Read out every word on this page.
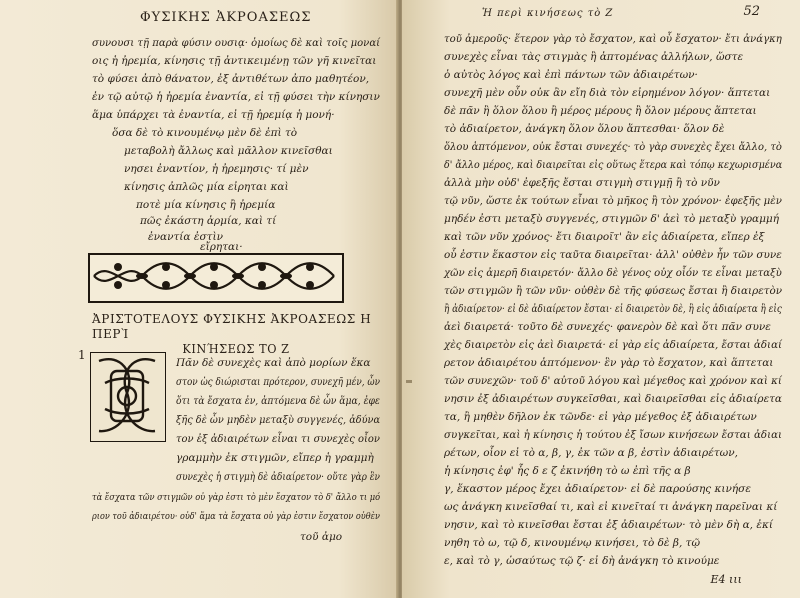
ΦΥΣΙΚΗΣ ἈΚΡΟΑΣΕΩΣ
συνουσι τῇ παρὰ φύσιν ουσιᾳ· ὁμοίως δὲ καὶ τοῖς μοναί
οις ἡ ἠρεμία, κίνησις τῇ ἀντικειμένῃ τῶν γῆ κινεῖται
τὸ φύσει ἀπὸ θάνατον, ἐξ ἀντιθέτων ἀπο μαθητέον,
ἐν τῷ αὐτῷ ἡ ἠρεμία ἐναντία, εἰ τῇ φύσει τὴν κίνησιν
ἅμα ὑπάρχει τὰ ἐναντία, εἰ τῇ ἠρεμίᾳ ἡ μονή·
ὅσα δὲ τὸ κινουμένῳ μὲν δὲ ἐπὶ τὸ
μεταβολὴ ἄλλως καὶ μᾶλλον κινεῖσθαι
νησει ἐναντίον, ἡ ἠρεμησις· τί μὲν
κίνησις ἀπλῶς μία εἰρηται καὶ
ποτὲ μία κίνησις ἢ ἠρεμία
πῶς ἐκάστη ἁρμία, καὶ τί
ἐναντία ἐστὶν
εἴρηται·
ἈΡΙΣΤΟΤΕΛΟΥΣ ΦΥΣΙΚΗΣ ἈΚΡΟΑΣΕΩΣ Η ΠΕΡῚ
ΚΙΝΉΣΕΩΣ ΤΟ Ζ
1
Πᾶν δὲ συνεχὲς καὶ ἀπὸ μορίων ἕκα
στον ὡς διώρισται πρότερον, συνεχῆ μέν, ὧν
ὅτι τὰ ἔσχατα ἐν, ἁπτόμενα δὲ ὧν ἅμα, ἐφε
ξῆς δὲ ὧν μηδὲν μεταξὺ συγγενές, ἀδύνα
τον ἐξ ἀδιαιρέτων εἶναι τι συνεχὲς οἷον
γραμμὴν ἐκ στιγμῶν, εἴπερ ἡ γραμμὴ
συνεχὲς ἡ στιγμὴ δὲ ἀδιαίρετον· οὔτε γὰρ ἓν
τὰ ἔσχατα τῶν στιγμῶν οὐ γὰρ ἐστι τὸ μὲν ἔσχατον τὸ δ' ἄλλο τι μό
ριον τοῦ ἀδιαιρέτου· οὐδ' ἅμα τὰ ἔσχατα οὐ γὰρ ἐστιν ἔσχατον οὐθὲν
τοῦ ἀμο
Ἡ περὶ κινήσεως τὸ Ζ	52
τοῦ ἀμεροῦς· ἕτερον γὰρ τὸ ἔσχατον, καὶ οὗ ἔσχατον· ἔτι ἀνάγκη
συνεχὲς εἶναι τὰς στιγμὰς ἢ ἁπτομένας ἀλλήλων, ὥστε
ὁ αὐτὸς λόγος καὶ ἐπὶ πάντων τῶν ἀδιαιρέτων·
συνεχῆ μὲν οὖν οὐκ ἂν εἴη διὰ τὸν εἰρημένον λόγον· ἅπτεται
δὲ πᾶν ἢ ὅλον ὅλου ἢ μέρος μέρους ἢ ὅλον μέρους ἅπτεται
τὸ ἀδιαίρετον, ἀνάγκη ὅλον ὅλου ἅπτεσθαι· ὅλον δὲ
ὅλου ἁπτόμενον, οὐκ ἔσται συνεχές· τὸ γὰρ συνεχὲς ἔχει ἄλλο, τὸ
δ' ἄλλο μέρος, καὶ διαιρεῖται εἰς οὕτως ἕτερα καὶ τόπῳ κεχωρισμένα
ἀλλὰ μὴν οὐδ' ἐφεξῆς ἔσται στιγμὴ στιγμῇ ἢ τὸ νῦν
τῷ νῦν, ὥστε ἐκ τούτων εἶναι τὸ μῆκος ἢ τὸν χρόνον· ἐφεξῆς μὲν
μηδέν ἐστι μεταξὺ συγγενές, στιγμῶν δ' ἀεὶ τὸ μεταξὺ γραμμή
καὶ τῶν νῦν χρόνος· ἔτι διαιροῖτ' ἂν εἰς ἀδιαίρετα, εἴπερ ἐξ
οὗ ἐστιν ἕκαστον εἰς ταῦτα διαιρεῖται· ἀλλ' οὐθὲν ἦν τῶν συνε
χῶν εἰς ἀμερῆ διαιρετόν· ἄλλο δὲ γένος οὐχ οἷόν τε εἶναι μεταξὺ
τῶν στιγμῶν ἢ τῶν νῦν· οὐθὲν δὲ τῆς φύσεως ἔσται ἢ διαιρετὸν
ἢ ἀδιαίρετον· εἰ δὲ ἀδιαίρετον ἔσται· εἰ διαιρετὸν δὲ, ἢ εἰς ἀδιαίρετα ἢ εἰς
ἀεὶ διαιρετά· τοῦτο δὲ συνεχές· φανερὸν δὲ καὶ ὅτι πᾶν συνε
χὲς διαιρετὸν εἰς ἀεὶ διαιρετά· εἰ γὰρ εἰς ἀδιαίρετα, ἔσται ἀδιαί
ρετον ἀδιαιρέτου ἁπτόμενον· ἓν γὰρ τὸ ἔσχατον, καὶ ἅπτεται
τῶν συνεχῶν· τοῦ δ' αὐτοῦ λόγου καὶ μέγεθος καὶ χρόνον καὶ κί
νησιν ἐξ ἀδιαιρέτων συγκεῖσθαι, καὶ διαιρεῖσθαι εἰς ἀδιαίρετα
τα, ἢ μηθὲν δῆλον ἐκ τῶνδε· εἰ γὰρ μέγεθος ἐξ ἀδιαιρέτων
συγκεῖται, καὶ ἡ κίνησις ἡ τούτου ἐξ ἴσων κινήσεων ἔσται ἀδιαι
ρέτων, οἷον εἰ τὸ α, β, γ, ἐκ τῶν α β, ἐστὶν ἀδιαιρέτων,
ἡ κίνησις ἐφ' ἧς δ ε ζ ἐκινήθη τὸ ω ἐπὶ τῆς α β
γ, ἕκαστον μέρος ἔχει ἀδιαίρετον· εἰ δὲ παρούσης κινήσε
ως ἀνάγκη κινεῖσθαί τι, καὶ εἰ κινεῖταί τι ἀνάγκη παρεῖναι κί
νησιν, καὶ τὸ κινεῖσθαι ἔσται ἐξ ἀδιαιρέτων· τὸ μὲν δὴ α, ἐκί
νηθη τὸ ω, τῷ δ, κινουμένῳ κινήσει, τὸ δὲ β, τῷ
ε, καὶ τὸ γ, ὡσαύτως τῷ ζ· εἰ δὴ ἀνάγκη τὸ κινούμε
E4 ιιι
